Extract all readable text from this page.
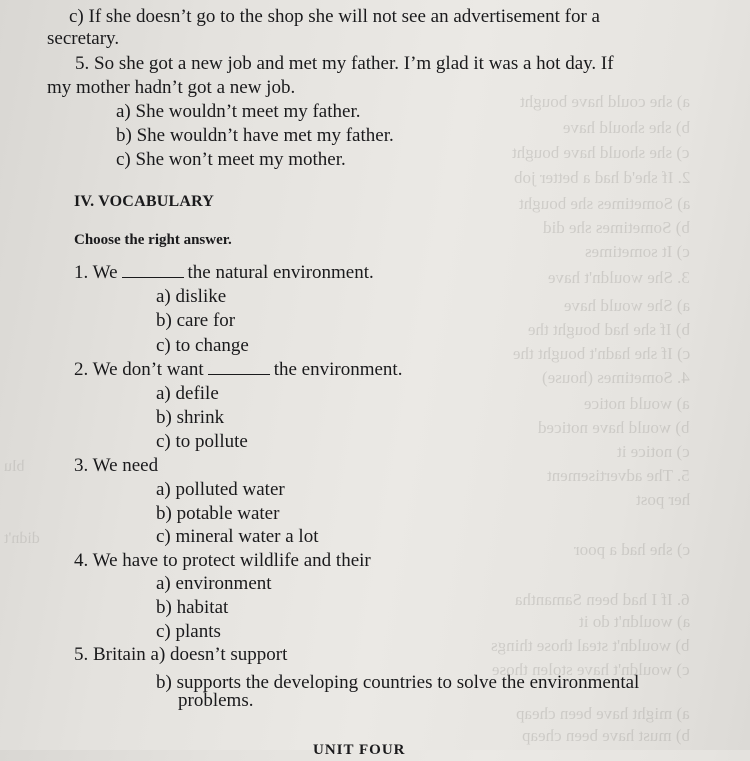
a) she could have bought
b) she should have
c) she should have bought
2. If she'd had a better job
a) Sometimes she bought
b) Sometimes she did
c) It sometimes
3. She wouldn't have
a) She would have
b) If she had bought the
c) If she hadn't bought the
4. Sometimes (house)
a) would notice
b) would have noticed
c) notice it
5. The advertisement
her post
c) she had a poor
6. If I had been Samantha
a) wouldn't do it
b) wouldn't steal those things
c) wouldn't have stolen those
a) might have been cheap
b) must have been cheap
blu
didn't
c) If she doesn’t go to the shop she will not see an advertisement for a
secretary.
5. So she got a new job and met my father. I’m glad it was a hot day. If
my mother hadn’t got a new job.
a) She wouldn’t meet my father.
b) She wouldn’t have met my father.
c) She won’t meet my mother.
IV. VOCABULARY
Choose the right answer.
1. We	the natural environment.
a) dislike
b) care for
c) to change
2. We don’t want	the environment.
a) defile
b) shrink
c) to pollute
3. We need
a) polluted water
b) potable water
c) mineral water a lot
4. We have to protect wildlife and their
a) environment
b) habitat
c) plants
5. Britain a) doesn’t support
b) supports the developing countries to solve the environmental
problems.
UNIT FOUR
